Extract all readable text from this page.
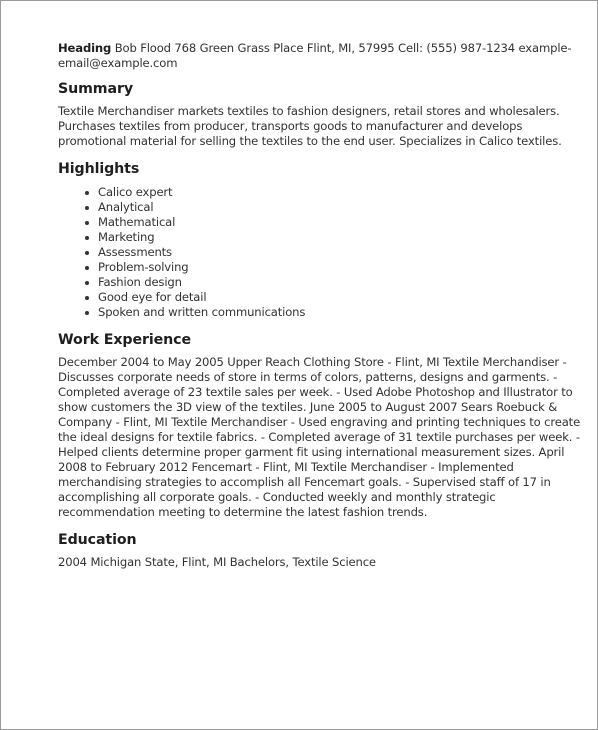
Heading Bob Flood 768 Green Grass Place Flint, MI, 57995 Cell: (555) 987-1234 example-email@example.com

Summary

Textile Merchandiser markets textiles to fashion designers, retail stores and wholesalers. Purchases textiles from producer, transports goods to manufacturer and develops promotional material for selling the textiles to the end user. Specializes in Calico textiles.

Highlights
Calico expert
Analytical
Mathematical
Marketing
Assessments
Problem-solving
Fashion design
Good eye for detail
Spoken and written communications
Work Experience

December 2004 to May 2005 Upper Reach Clothing Store - Flint, MI Textile Merchandiser - Discusses corporate needs of store in terms of colors, patterns, designs and garments. - Completed average of 23 textile sales per week. - Used Adobe Photoshop and Illustrator to show customers the 3D view of the textiles. June 2005 to August 2007 Sears Roebuck & Company - Flint, MI Textile Merchandiser - Used engraving and printing techniques to create the ideal designs for textile fabrics. - Completed average of 31 textile purchases per week. - Helped clients determine proper garment fit using international measurement sizes. April 2008 to February 2012 Fencemart - Flint, MI Textile Merchandiser - Implemented merchandising strategies to accomplish all Fencemart goals. - Supervised staff of 17 in accomplishing all corporate goals. - Conducted weekly and monthly strategic recommendation meeting to determine the latest fashion trends.

Education

2004 Michigan State, Flint, MI Bachelors, Textile Science
